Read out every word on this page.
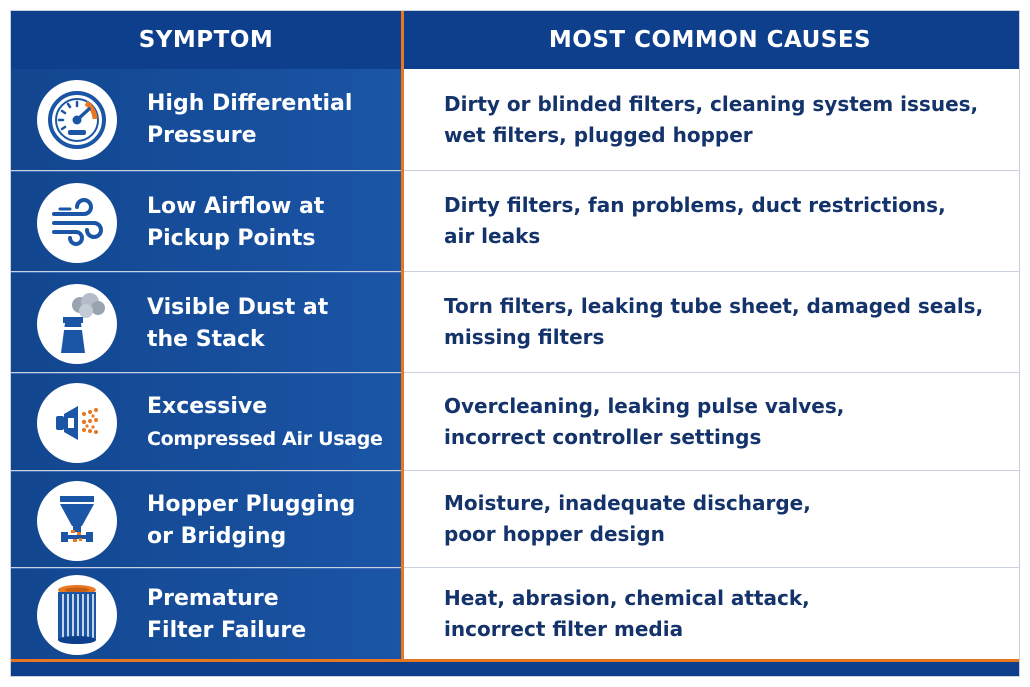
SYMPTOM	MOST COMMON CAUSES
High Differential
Pressure
Dirty or blinded filters, cleaning system issues,
wet filters, plugged hopper
Low Airflow at
Pickup Points
Dirty filters, fan problems, duct restrictions,
air leaks
Visible Dust at
the Stack
Torn filters, leaking tube sheet, damaged seals,
missing filters
Excessive
Compressed Air Usage
Overcleaning, leaking pulse valves,
incorrect controller settings
Hopper Plugging
or Bridging
Moisture, inadequate discharge,
poor hopper design
Premature
Filter Failure
Heat, abrasion, chemical attack,
incorrect filter media
